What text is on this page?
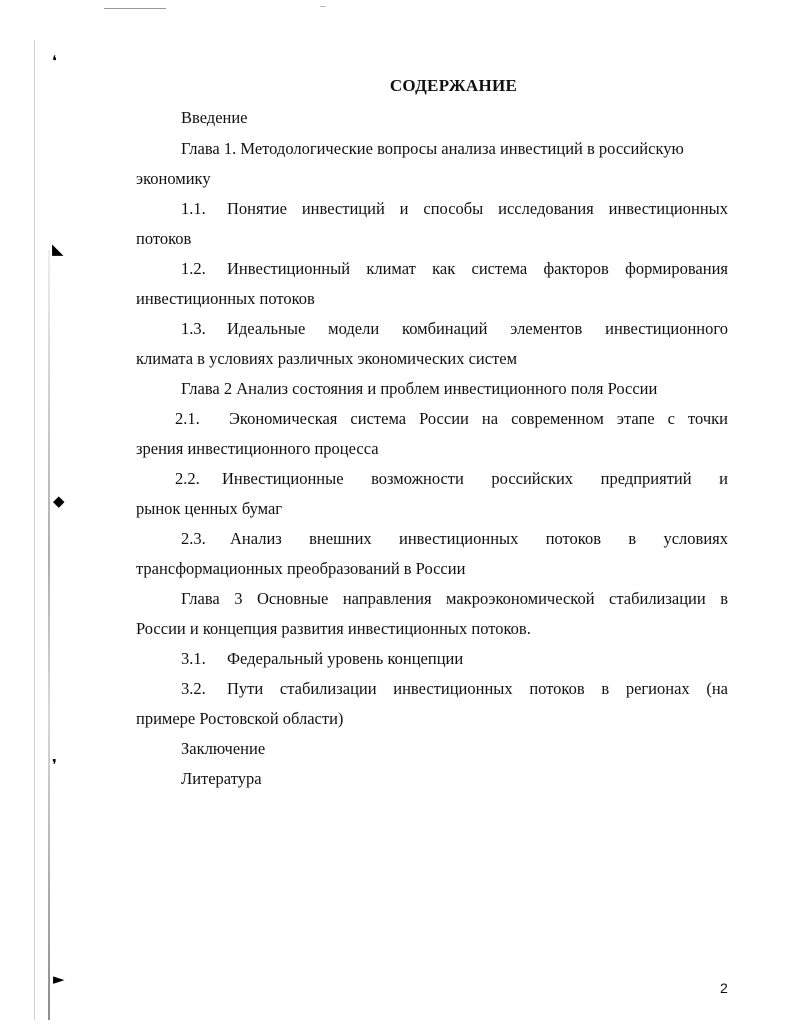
❛
◣
◆
❜
►
СОДЕРЖАНИЕ
Введение
Глава 1. Методологические вопросы анализа инвестиций в российскую
экономику
1.1.	Понятие инвестиций и способы исследования инвестиционных
потоков
1.2.	Инвестиционный климат как система факторов формирования
инвестиционных потоков
1.3.	Идеальные модели комбинаций элементов инвестиционного
климата в условиях различных экономических систем
Глава 2 Анализ состояния и проблем инвестиционного поля России
2.1.	Экономическая система России на современном этапе с точки
зрения инвестиционного процесса
2.2.	Инвестиционные возможности российских предприятий и
рынок ценных бумаг
2.3.	Анализ внешних инвестиционных потоков в условиях
трансформационных преобразований в России
Глава 3 Основные направления макроэкономической стабилизации в
России и концепция развития инвестиционных потоков.
3.1.	Федеральный уровень концепции
3.2.	Пути стабилизации инвестиционных потоков в регионах (на
примере Ростовской области)
Заключение
Литература
2
